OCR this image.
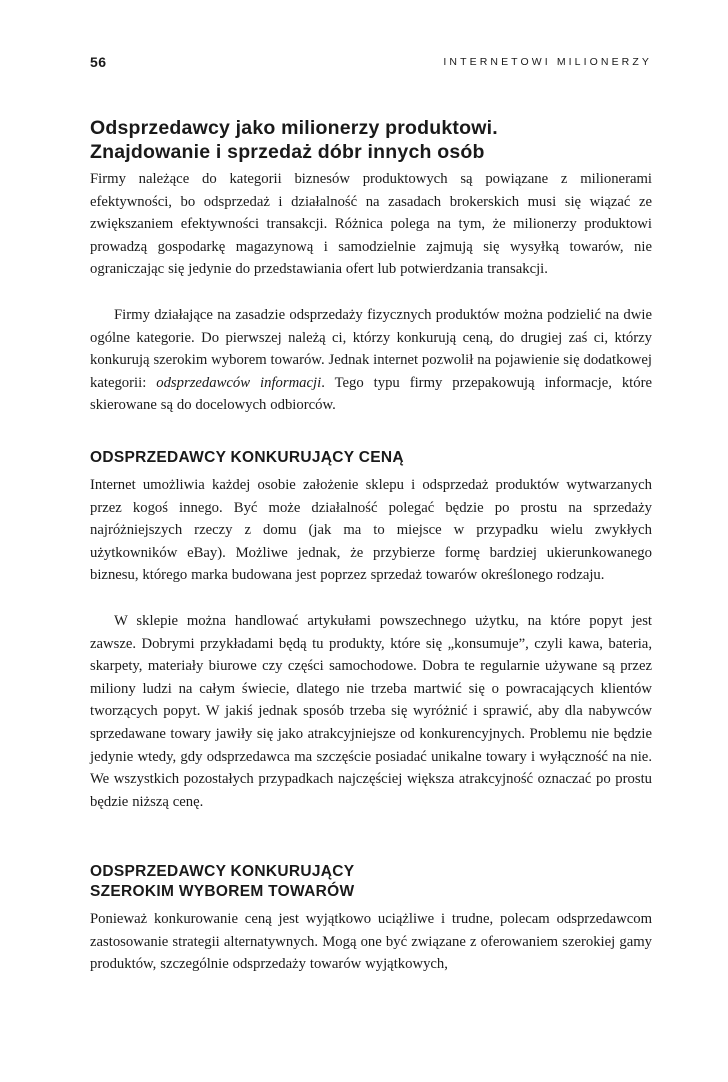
56	INTERNETOWI MILIONERZY
Odsprzedawcy jako milionerzy produktowi.
Znajdowanie i sprzedaż dóbr innych osób

Firmy należące do kategorii biznesów produktowych są powiązane z milionerami efektywności, bo odsprzedaż i działalność na zasadach brokerskich musi się wiązać ze zwiększaniem efektywności transakcji. Różnica polega na tym, że milionerzy produktowi prowadzą gospodarkę magazynową i samodzielnie zajmują się wysyłką towarów, nie ograniczając się jedynie do przedstawiania ofert lub potwierdzania transakcji.

Firmy działające na zasadzie odsprzedaży fizycznych produktów można podzielić na dwie ogólne kategorie. Do pierwszej należą ci, którzy konkurują ceną, do drugiej zaś ci, którzy konkurują szerokim wyborem towarów. Jednak internet pozwolił na pojawienie się dodatkowej kategorii: odsprzedawców informacji. Tego typu firmy przepakowują informacje, które skierowane są do docelowych odbiorców.

ODSPRZEDAWCY KONKURUJĄCY CENĄ

Internet umożliwia każdej osobie założenie sklepu i odsprzedaż produktów wytwarzanych przez kogoś innego. Być może działalność polegać będzie po prostu na sprzedaży najróżniejszych rzeczy z domu (jak ma to miejsce w przypadku wielu zwykłych użytkowników eBay). Możliwe jednak, że przybierze formę bardziej ukierunkowanego biznesu, którego marka budowana jest poprzez sprzedaż towarów określonego rodzaju.

W sklepie można handlować artykułami powszechnego użytku, na które popyt jest zawsze. Dobrymi przykładami będą tu produkty, które się „konsumuje”, czyli kawa, bateria, skarpety, materiały biurowe czy części samochodowe. Dobra te regularnie używane są przez miliony ludzi na całym świecie, dlatego nie trzeba martwić się o powracających klientów tworzących popyt. W jakiś jednak sposób trzeba się wyróżnić i sprawić, aby dla nabywców sprzedawane towary jawiły się jako atrakcyjniejsze od konkurencyjnych. Problemu nie będzie jedynie wtedy, gdy odsprzedawca ma szczęście posiadać unikalne towary i wyłączność na nie. We wszystkich pozostałych przypadkach najczęściej większa atrakcyjność oznaczać po prostu będzie niższą cenę.

ODSPRZEDAWCY KONKURUJĄCY
SZEROKIM WYBOREM TOWARÓW

Ponieważ konkurowanie ceną jest wyjątkowo uciążliwe i trudne, polecam odsprzedawcom zastosowanie strategii alternatywnych. Mogą one być związane z oferowaniem szerokiej gamy produktów, szczególnie odsprzedaży towarów wyjątkowych,
